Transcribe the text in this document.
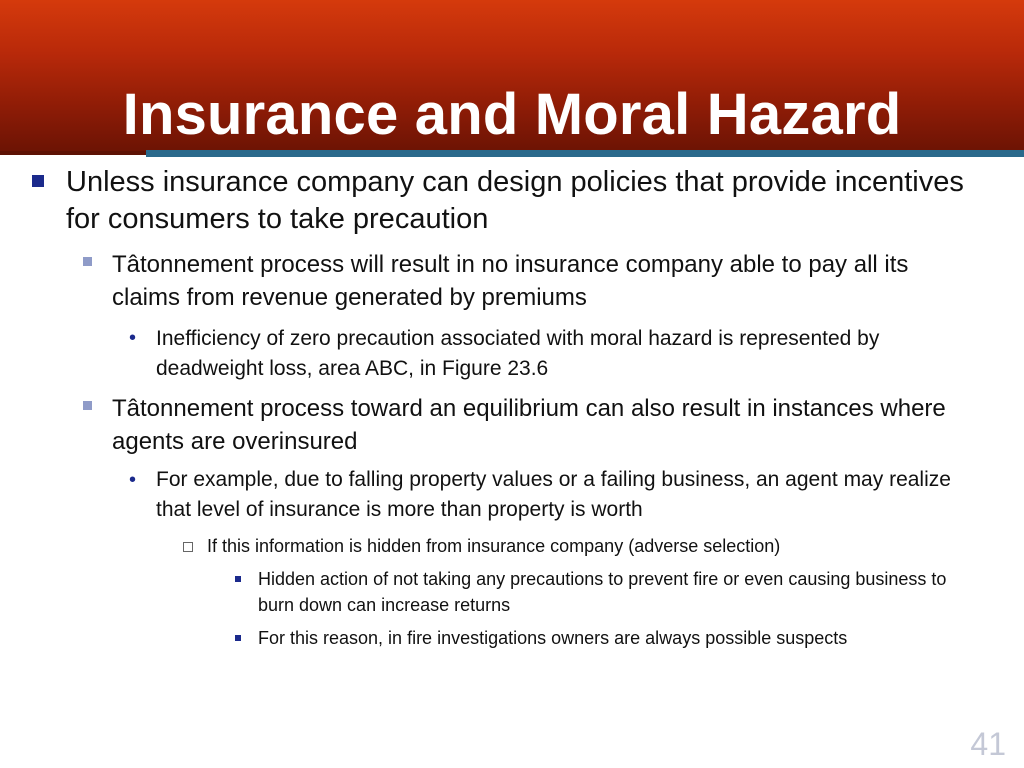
Insurance and Moral Hazard

Unless insurance company can design policies that provide incentives for consumers to take precaution

Tâtonnement process will result in no insurance company able to pay all its claims from revenue generated by premiums

• Inefficiency of zero precaution associated with moral hazard is represented by deadweight loss, area ABC, in Figure 23.6

Tâtonnement process toward an equilibrium can also result in instances where agents are overinsured

• For example, due to falling property values or a failing business, an agent may realize that level of insurance is more than property is worth

If this information is hidden from insurance company (adverse selection)

Hidden action of not taking any precautions to prevent fire or even causing business to burn down can increase returns

For this reason, in fire investigations owners are always possible suspects

41
